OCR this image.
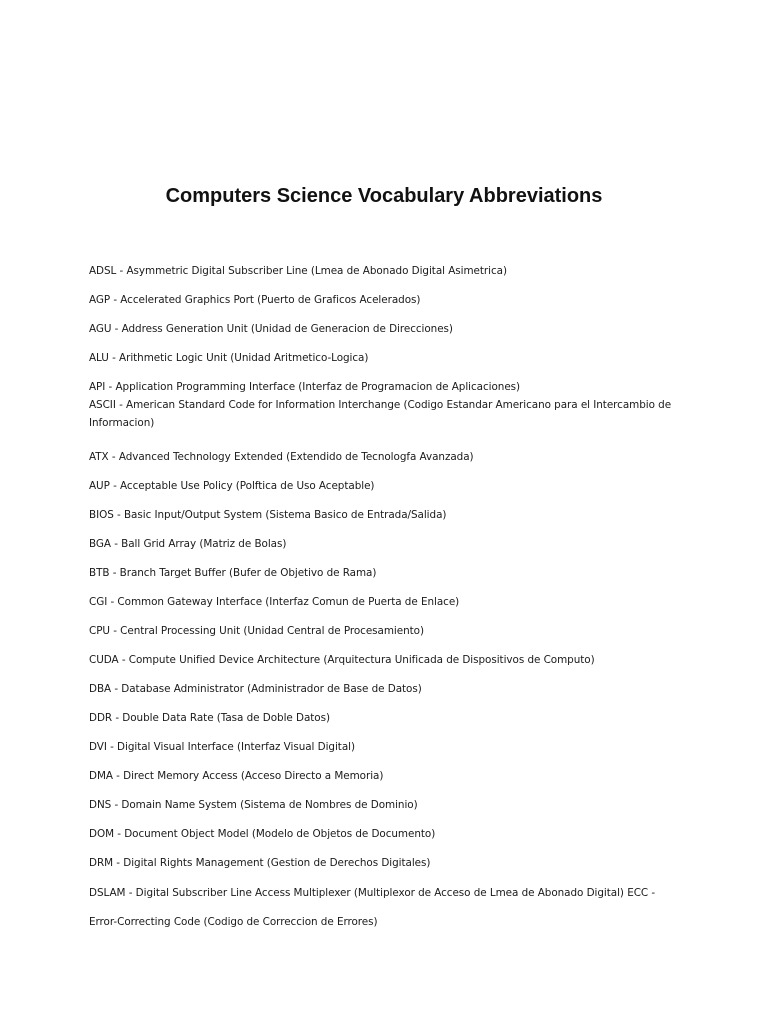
Computers Science Vocabulary Abbreviations
ADSL - Asymmetric Digital Subscriber Line (Lmea de Abonado Digital Asimetrica)
AGP - Accelerated Graphics Port (Puerto de Graficos Acelerados)
AGU - Address Generation Unit (Unidad de Generacion de Direcciones)
ALU - Arithmetic Logic Unit (Unidad Aritmetico-Logica)
API - Application Programming Interface (Interfaz de Programacion de Aplicaciones)
ASCII - American Standard Code for Information Interchange (Codigo Estandar Americano para el Intercambio de Informacion)
ATX - Advanced Technology Extended (Extendido de Tecnologfa Avanzada)
AUP - Acceptable Use Policy (Polftica de Uso Aceptable)
BIOS - Basic Input/Output System (Sistema Basico de Entrada/Salida)
BGA - Ball Grid Array (Matriz de Bolas)
BTB - Branch Target Buffer (Bufer de Objetivo de Rama)
CGI - Common Gateway Interface (Interfaz Comun de Puerta de Enlace)
CPU - Central Processing Unit (Unidad Central de Procesamiento)
CUDA - Compute Unified Device Architecture (Arquitectura Unificada de Dispositivos de Computo)
DBA - Database Administrator (Administrador de Base de Datos)
DDR - Double Data Rate (Tasa de Doble Datos)
DVI - Digital Visual Interface (Interfaz Visual Digital)
DMA - Direct Memory Access (Acceso Directo a Memoria)
DNS - Domain Name System (Sistema de Nombres de Dominio)
DOM - Document Object Model (Modelo de Objetos de Documento)
DRM - Digital Rights Management (Gestion de Derechos Digitales)
DSLAM - Digital Subscriber Line Access Multiplexer (Multiplexor de Acceso de Lmea de Abonado Digital) ECC - Error-Correcting Code (Codigo de Correccion de Errores)
